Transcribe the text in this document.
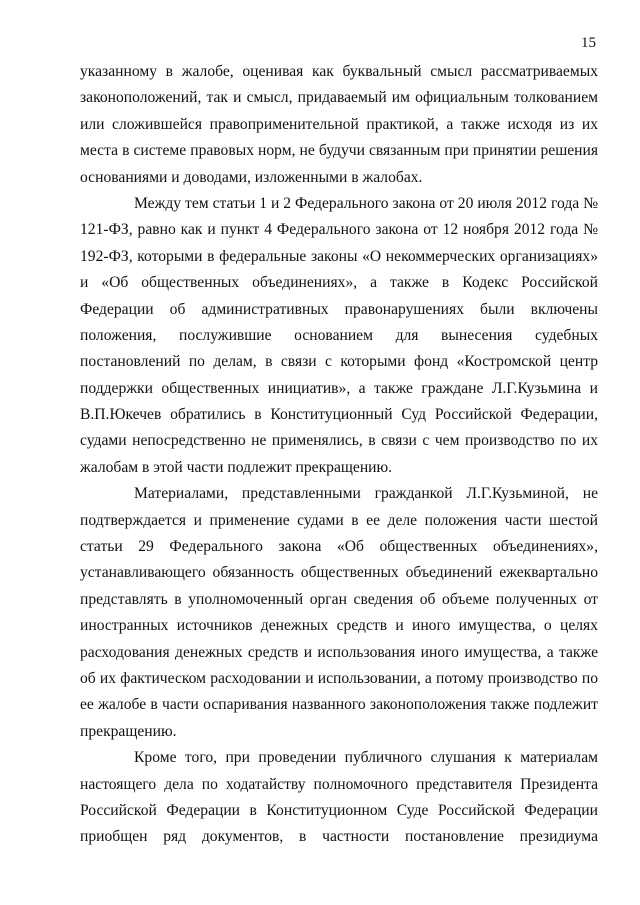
15
указанному в жалобе, оценивая как буквальный смысл рассматриваемых
законоположений, так и смысл, придаваемый им официальным толкованием
или сложившейся правоприменительной практикой, а также исходя из их
места в системе правовых норм, не будучи связанным при принятии решения
основаниями и доводами, изложенными в жалобах.
Между тем статьи 1 и 2 Федерального закона от 20 июля 2012 года №
121-ФЗ, равно как и пункт 4 Федерального закона от 12 ноября 2012 года №
192-ФЗ, которыми в федеральные законы «О некоммерческих организациях»
и «Об общественных объединениях», а также в Кодекс Российской
Федерации об административных правонарушениях были включены
положения, послужившие основанием для вынесения судебных
постановлений по делам, в связи с которыми фонд «Костромской центр
поддержки общественных инициатив», а также граждане Л.Г.Кузьмина и
В.П.Юкечев обратились в Конституционный Суд Российской Федерации,
судами непосредственно не применялись, в связи с чем производство по их
жалобам в этой части подлежит прекращению.
Материалами, представленными гражданкой Л.Г.Кузьминой, не
подтверждается и применение судами в ее деле положения части шестой
статьи 29 Федерального закона «Об общественных объединениях»,
устанавливающего обязанность общественных объединений ежеквартально
представлять в уполномоченный орган сведения об объеме полученных от
иностранных источников денежных средств и иного имущества, о целях
расходования денежных средств и использования иного имущества, а также
об их фактическом расходовании и использовании, а потому производство по
ее жалобе в части оспаривания названного законоположения также подлежит
прекращению.
Кроме того, при проведении публичного слушания к материалам
настоящего дела по ходатайству полномочного представителя Президента
Российской Федерации в Конституционном Суде Российской Федерации
приобщен ряд документов, в частности постановление президиума
